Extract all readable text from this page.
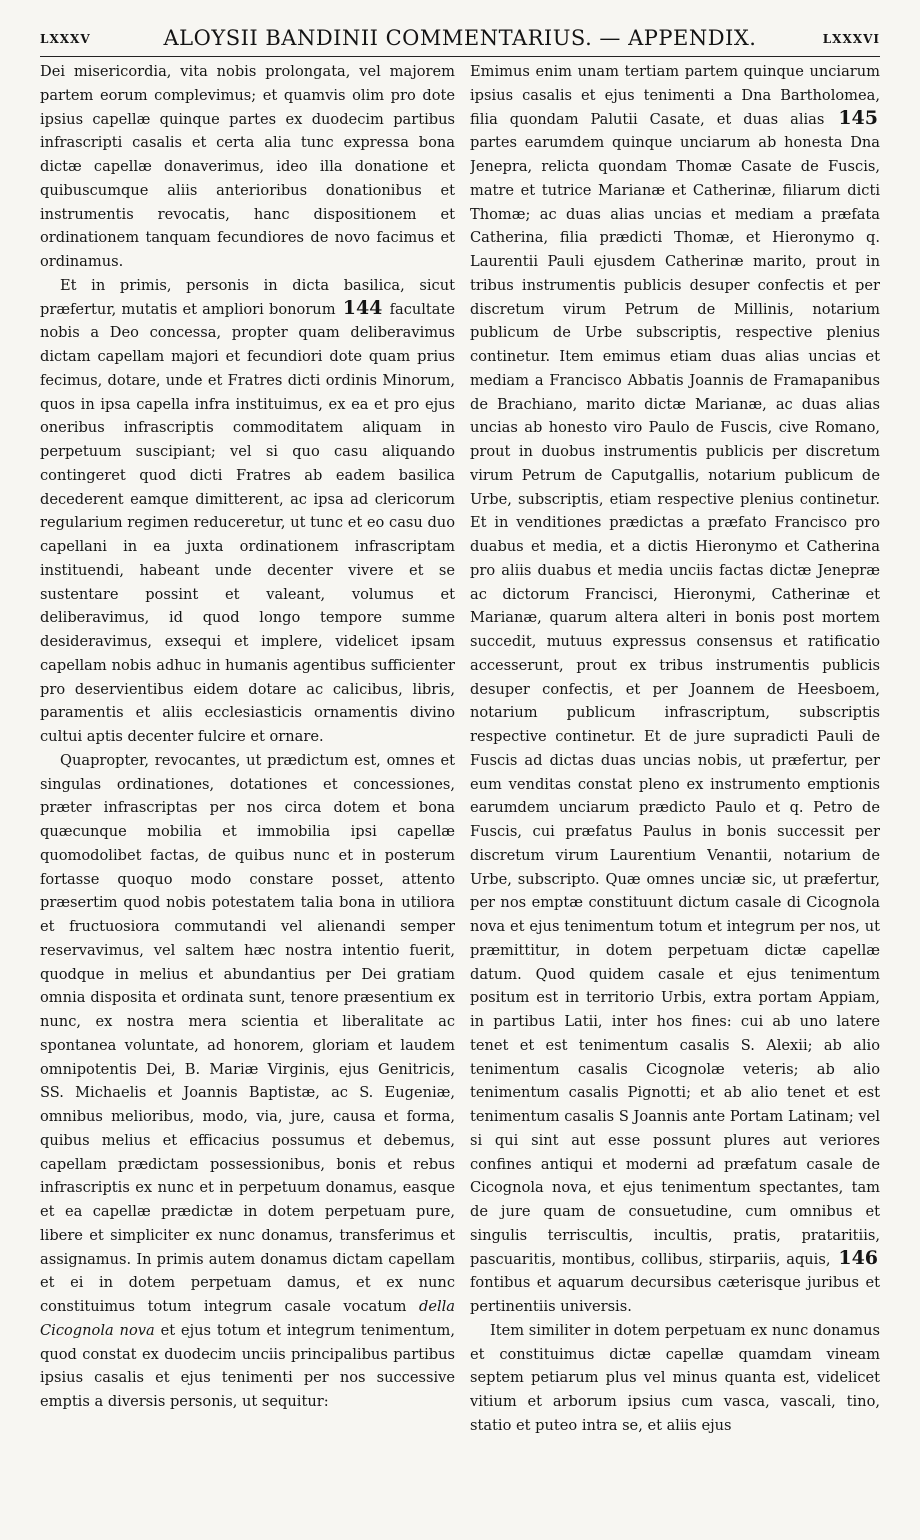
LXXXV	ALOYSII BANDINII COMMENTARIUS. — APPENDIX.	LXXXVI

Dei misericordia, vita nobis prolongata, vel majorem partem eorum complevimus; et quamvis olim pro dote ipsius capellæ quinque partes ex duodecim partibus infrascripti casalis et certa alia tunc expressa bona dictæ capellæ donaverimus, ideo illa donatione et quibuscumque aliis anterioribus donationibus et instrumentis revocatis, hanc dispositionem et ordinationem tanquam fecundiores de novo facimus et ordinamus.

Et in primis, personis in dicta basilica, sicut præfertur, mutatis et ampliori bonorum 144 facultate nobis a Deo concessa, propter quam deliberavimus dictam capellam majori et fecundiori dote quam prius fecimus, dotare, unde et Fratres dicti ordinis Minorum, quos in ipsa capella infra instituimus, ex ea et pro ejus oneribus infrascriptis commoditatem aliquam in perpetuum suscipiant; vel si quo casu aliquando contingeret quod dicti Fratres ab eadem basilica decederent eamque dimitterent, ac ipsa ad clericorum regularium regimen reduceretur, ut tunc et eo casu duo capellani in ea juxta ordinationem infrascriptam instituendi, habeant unde decenter vivere et se sustentare possint et valeant, volumus et deliberavimus, id quod longo tempore summe desideravimus, exsequi et implere, videlicet ipsam capellam nobis adhuc in humanis agentibus sufficienter pro deservientibus eidem dotare ac calicibus, libris, paramentis et aliis ecclesiasticis ornamentis divino cultui aptis decenter fulcire et ornare.

Quapropter, revocantes, ut prædictum est, omnes et singulas ordinationes, dotationes et concessiones, præter infrascriptas per nos circa dotem et bona quæcunque mobilia et immobilia ipsi capellæ quomodolibet factas, de quibus nunc et in posterum fortasse quoquo modo constare posset, attento præsertim quod nobis potestatem talia bona in utiliora et fructuosiora commutandi vel alienandi semper reservavimus, vel saltem hæc nostra intentio fuerit, quodque in melius et abundantius per Dei gratiam omnia disposita et ordinata sunt, tenore præsentium ex nunc, ex nostra mera scientia et liberalitate ac spontanea voluntate, ad honorem, gloriam et laudem omnipotentis Dei, B. Mariæ Virginis, ejus Genitricis, SS. Michaelis et Joannis Baptistæ, ac S. Eugeniæ, omnibus melioribus, modo, via, jure, causa et forma, quibus melius et efficacius possumus et debemus, capellam prædictam possessionibus, bonis et rebus infrascriptis ex nunc et in perpetuum donamus, easque et ea capellæ prædictæ in dotem perpetuam pure, libere et simpliciter ex nunc donamus, transferimus et assignamus. In primis autem donamus dictam capellam et ei in dotem perpetuam damus, et ex nunc constituimus totum integrum casale vocatum della Cicognola nova et ejus totum et integrum tenimentum, quod constat ex duodecim unciis principalibus partibus ipsius casalis et ejus tenimenti per nos successive emptis a diversis personis, ut sequitur:

Emimus enim unam tertiam partem quinque unciarum ipsius casalis et ejus tenimenti a Dna Bartholomea, filia quondam Palutii Casate, et duas alias 145 partes earumdem quinque unciarum ab honesta Dna Jenepra, relicta quondam Thomæ Casate de Fuscis, matre et tutrice Marianæ et Catherinæ, filiarum dicti Thomæ; ac duas alias uncias et mediam a præfata Catherina, filia prædicti Thomæ, et Hieronymo q. Laurentii Pauli ejusdem Catherinæ marito, prout in tribus instrumentis publicis desuper confectis et per discretum virum Petrum de Millinis, notarium publicum de Urbe subscriptis, respective plenius continetur. Item emimus etiam duas alias uncias et mediam a Francisco Abbatis Joannis de Framapanibus de Brachiano, marito dictæ Marianæ, ac duas alias uncias ab honesto viro Paulo de Fuscis, cive Romano, prout in duobus instrumentis publicis per discretum virum Petrum de Caputgallis, notarium publicum de Urbe, subscriptis, etiam respective plenius continetur. Et in venditiones prædictas a præfato Francisco pro duabus et media, et a dictis Hieronymo et Catherina pro aliis duabus et media unciis factas dictæ Jenepræ ac dictorum Francisci, Hieronymi, Catherinæ et Marianæ, quarum altera alteri in bonis post mortem succedit, mutuus expressus consensus et ratificatio accesserunt, prout ex tribus instrumentis publicis desuper confectis, et per Joannem de Heesboem, notarium publicum infrascriptum, subscriptis respective continetur. Et de jure supradicti Pauli de Fuscis ad dictas duas uncias nobis, ut præfertur, per eum venditas constat pleno ex instrumento emptionis earumdem unciarum prædicto Paulo et q. Petro de Fuscis, cui præfatus Paulus in bonis successit per discretum virum Laurentium Venantii, notarium de Urbe, subscripto. Quæ omnes unciæ sic, ut præfertur, per nos emptæ constituunt dictum casale di Cicognola nova et ejus tenimentum totum et integrum per nos, ut præmittitur, in dotem perpetuam dictæ capellæ datum. Quod quidem casale et ejus tenimentum positum est in territorio Urbis, extra portam Appiam, in partibus Latii, inter hos fines: cui ab uno latere tenet et est tenimentum casalis S. Alexii; ab alio tenimentum casalis Cicognolæ veteris; ab alio tenimentum casalis Pignotti; et ab alio tenet et est tenimentum casalis S Joannis ante Portam Latinam; vel si qui sint aut esse possunt plures aut veriores confines antiqui et moderni ad præfatum casale de Cicognola nova, et ejus tenimentum spectantes, tam de jure quam de consuetudine, cum omnibus et singulis terriscultis, incultis, pratis, prataritiis, pascuaritis, montibus, collibus, stirpariis, aquis, 146 fontibus et aquarum decursibus cæterisque juribus et pertinentiis universis.

Item similiter in dotem perpetuam ex nunc donamus et constituimus dictæ capellæ quamdam vineam septem petiarum plus vel minus quanta est, videlicet vitium et arborum ipsius cum vasca, vascali, tino, statio et puteo intra se, et aliis ejus
